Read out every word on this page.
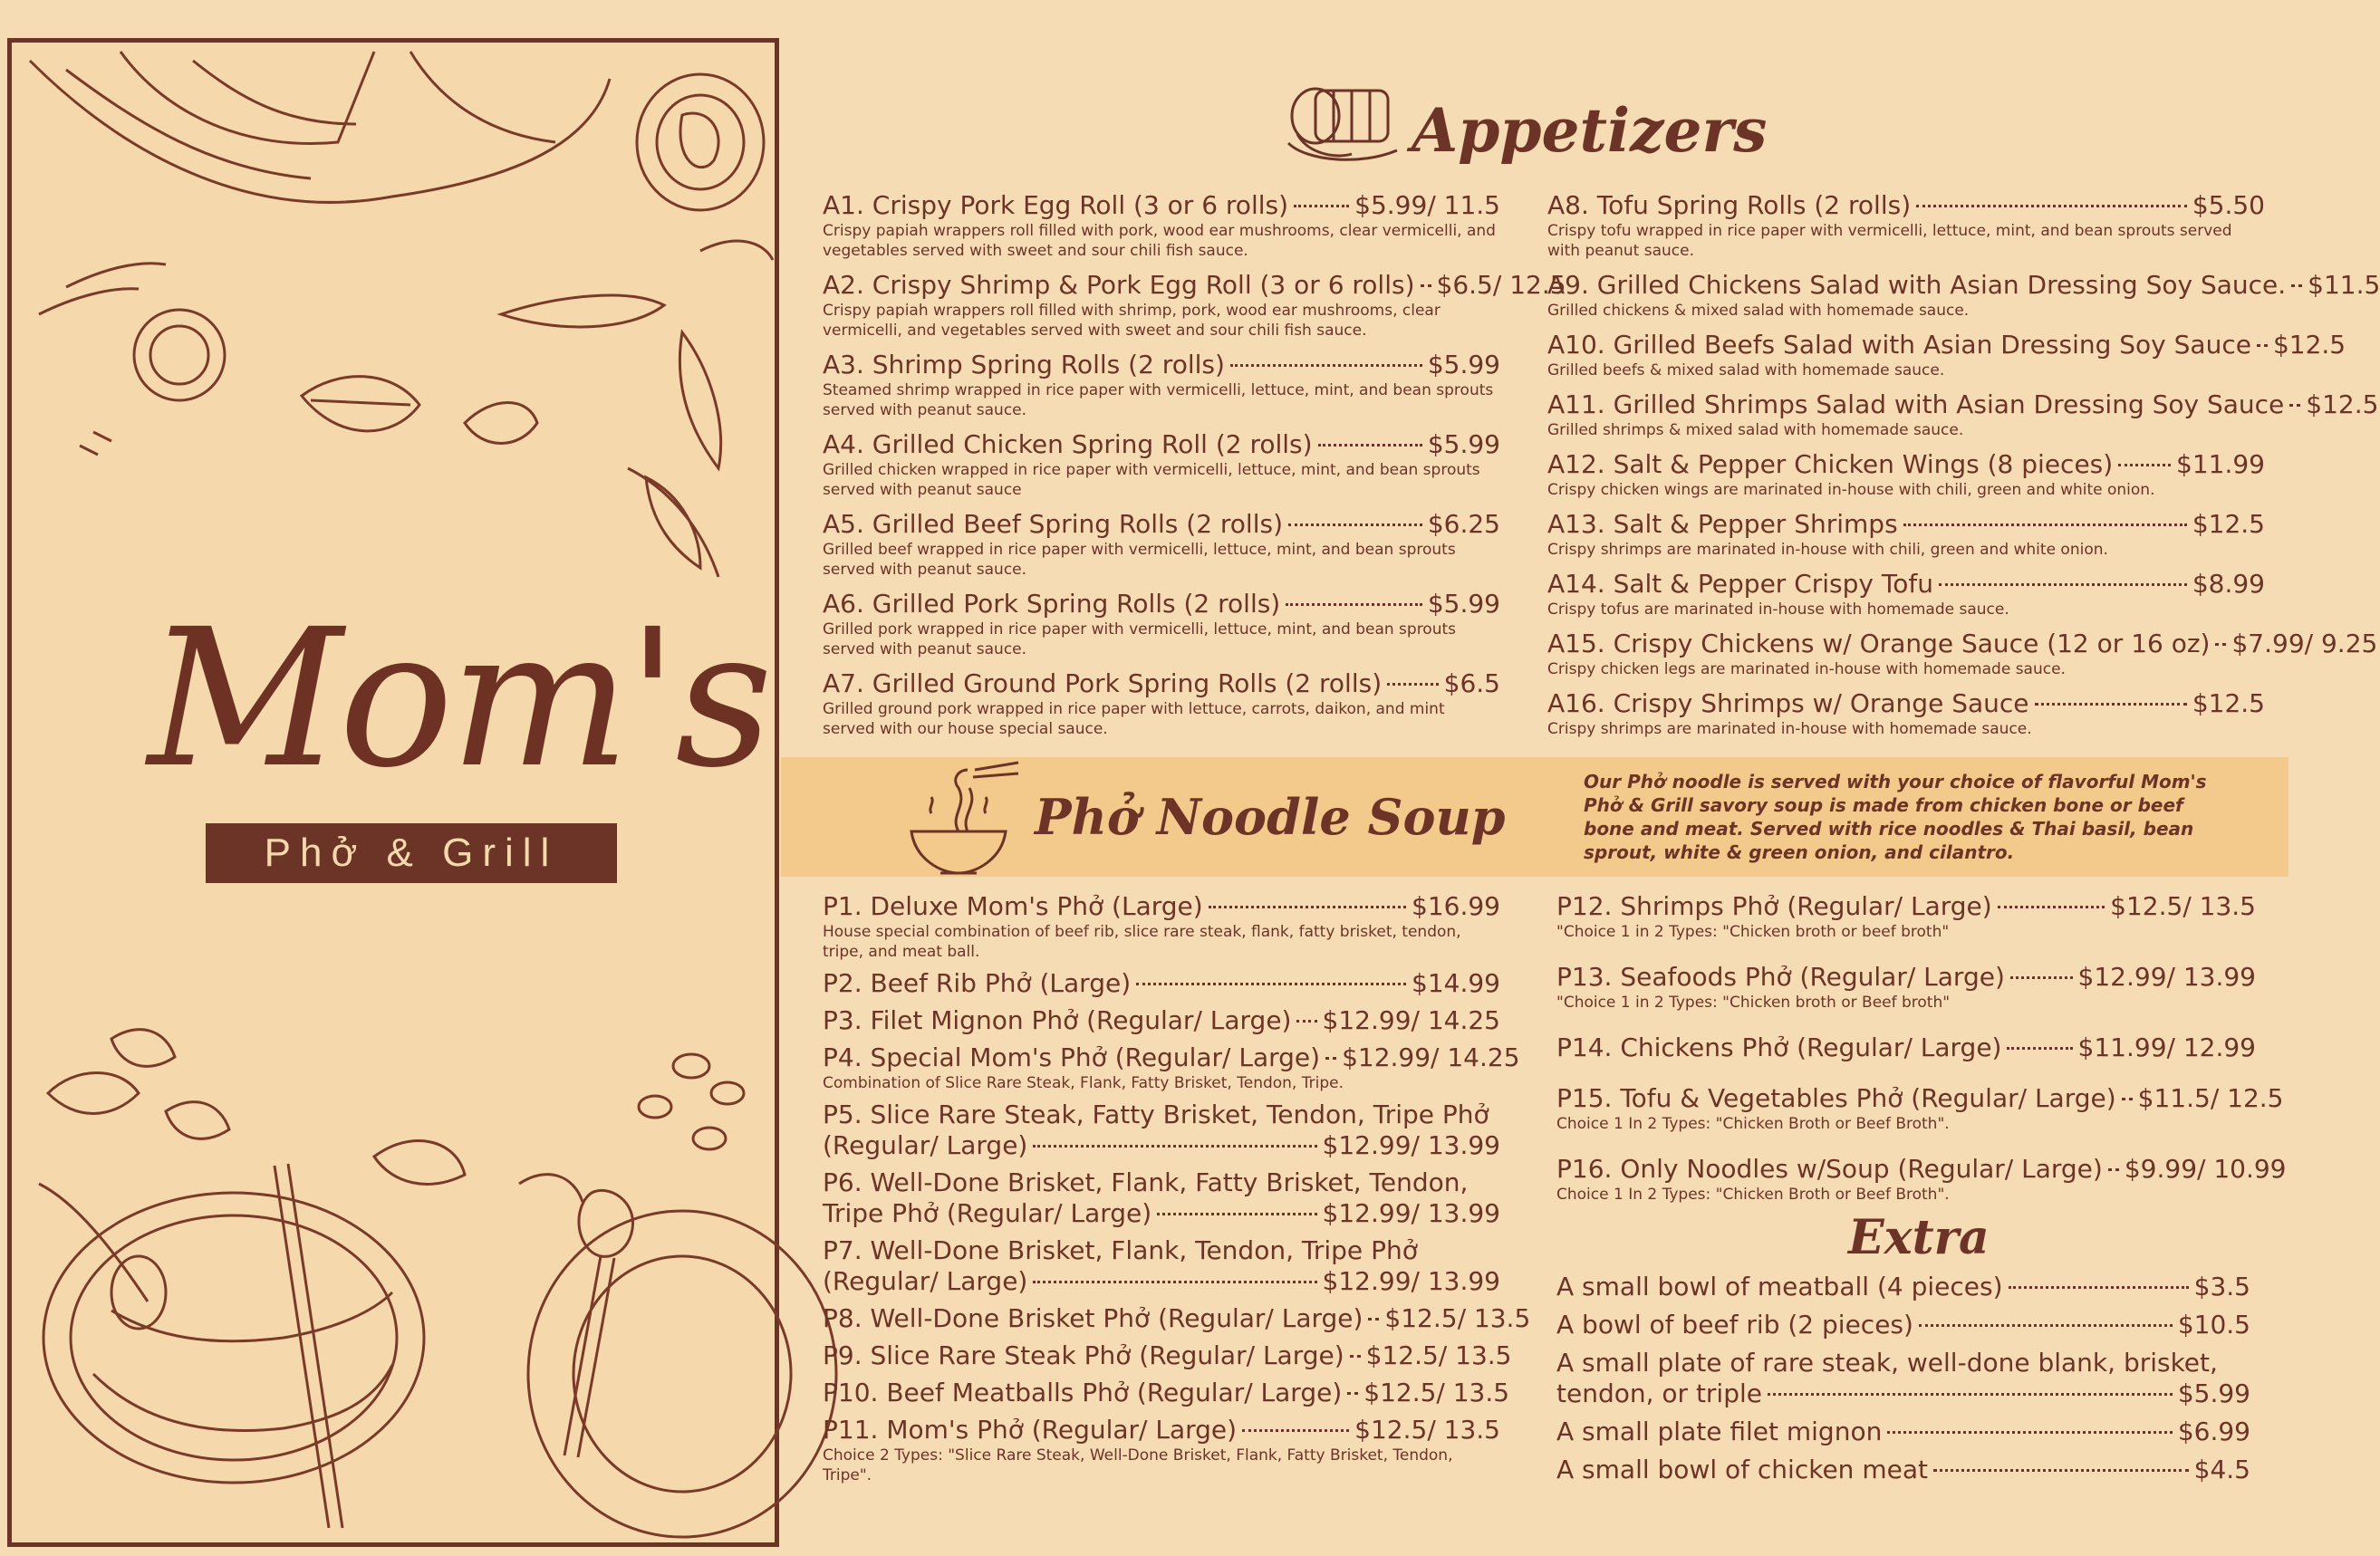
Mom's
Phở & Grill
Appetizers
A1. Crispy Pork Egg Roll (3 or 6 rolls)	$5.99/ 11.5
Crispy papiah wrappers roll filled with pork, wood ear mushrooms, clear vermicelli, and vegetables served with sweet and sour chili fish sauce.
A2. Crispy Shrimp & Pork Egg Roll (3 or 6 rolls) $6.5/ 12.5
Crispy papiah wrappers roll filled with shrimp, pork, wood ear mushrooms, clear vermicelli, and vegetables served with sweet and sour chili fish sauce.
A3. Shrimp Spring Rolls (2 rolls)	$5.99
Steamed shrimp wrapped in rice paper with vermicelli, lettuce, mint, and bean sprouts served with peanut sauce.
A4. Grilled Chicken Spring Roll (2 rolls)	$5.99
Grilled chicken wrapped in rice paper with vermicelli, lettuce, mint, and bean sprouts served with peanut sauce
A5. Grilled Beef Spring Rolls (2 rolls)	$6.25
Grilled beef wrapped in rice paper with vermicelli, lettuce, mint, and bean sprouts served with peanut sauce.
A6. Grilled Pork Spring Rolls (2 rolls)	$5.99
Grilled pork wrapped in rice paper with vermicelli, lettuce, mint, and bean sprouts served with peanut sauce.
A7. Grilled Ground Pork Spring Rolls (2 rolls) $6.5
Grilled ground pork wrapped in rice paper with lettuce, carrots, daikon, and mint served with our house special sauce.
A8. Tofu Spring Rolls (2 rolls)	$5.50
Crispy tofu wrapped in rice paper with vermicelli, lettuce, mint, and bean sprouts served with peanut sauce.
A9. Grilled Chickens Salad with Asian Dressing Soy Sauce. $11.5
Grilled chickens & mixed salad with homemade sauce.
A10. Grilled Beefs Salad with Asian Dressing Soy Sauce $12.5
Grilled beefs & mixed salad with homemade sauce.
A11. Grilled Shrimps Salad with Asian Dressing Soy Sauce $12.5
Grilled shrimps & mixed salad with homemade sauce.
A12. Salt & Pepper Chicken Wings (8 pieces) $11.99
Crispy chicken wings are marinated in-house with chili, green and white onion.
A13. Salt & Pepper Shrimps	$12.5
Crispy shrimps are marinated in-house with chili, green and white onion.
A14. Salt & Pepper Crispy Tofu	$8.99
Crispy tofus are marinated in-house with homemade sauce.
A15. Crispy Chickens w/ Orange Sauce (12 or 16 oz) $7.99/ 9.25
Crispy chicken legs are marinated in-house with homemade sauce.
A16. Crispy Shrimps w/ Orange Sauce	$12.5
Crispy shrimps are marinated in-house with homemade sauce.
Phở Noodle Soup
Our Phở noodle is served with your choice of flavorful Mom's Phở & Grill savory soup is made from chicken bone or beef bone and meat. Served with rice noodles & Thai basil, bean sprout, white & green onion, and cilantro.
P1. Deluxe Mom's Phở (Large)	$16.99
House special combination of beef rib, slice rare steak, flank, fatty brisket, tendon, tripe, and meat ball.
P2. Beef Rib Phở (Large)	$14.99
P3. Filet Mignon Phở (Regular/ Large) $12.99/ 14.25
P4. Special Mom's Phở (Regular/ Large) $12.99/ 14.25
Combination of Slice Rare Steak, Flank, Fatty Brisket, Tendon, Tripe.
P5. Slice Rare Steak, Fatty Brisket, Tendon, Tripe Phở
(Regular/ Large)	$12.99/ 13.99
P6. Well-Done Brisket, Flank, Fatty Brisket, Tendon,
Tripe Phở (Regular/ Large)	$12.99/ 13.99
P7. Well-Done Brisket, Flank, Tendon, Tripe Phở
(Regular/ Large)	$12.99/ 13.99
P8. Well-Done Brisket Phở (Regular/ Large) $12.5/ 13.5
P9. Slice Rare Steak Phở (Regular/ Large) $12.5/ 13.5
P10. Beef Meatballs Phở (Regular/ Large) $12.5/ 13.5
P11. Mom's Phở (Regular/ Large)	$12.5/ 13.5
Choice 2 Types: "Slice Rare Steak, Well-Done Brisket, Flank, Fatty Brisket, Tendon, Tripe".
P12. Shrimps Phở (Regular/ Large)	$12.5/ 13.5
"Choice 1 in 2 Types: "Chicken broth or beef broth"
P13. Seafoods Phở (Regular/ Large)	$12.99/ 13.99
"Choice 1 in 2 Types: "Chicken broth or Beef broth"
P14. Chickens Phở (Regular/ Large)	$11.99/ 12.99
P15. Tofu & Vegetables Phở (Regular/ Large) $11.5/ 12.5
Choice 1 In 2 Types: "Chicken Broth or Beef Broth".
P16. Only Noodles w/Soup (Regular/ Large) $9.99/ 10.99
Choice 1 In 2 Types: "Chicken Broth or Beef Broth".
Extra
A small bowl of meatball (4 pieces)	$3.5
A bowl of beef rib (2 pieces)	$10.5
A small plate of rare steak, well-done blank, brisket,
tendon, or triple	$5.99
A small plate filet mignon	$6.99
A small bowl of chicken meat	$4.5
